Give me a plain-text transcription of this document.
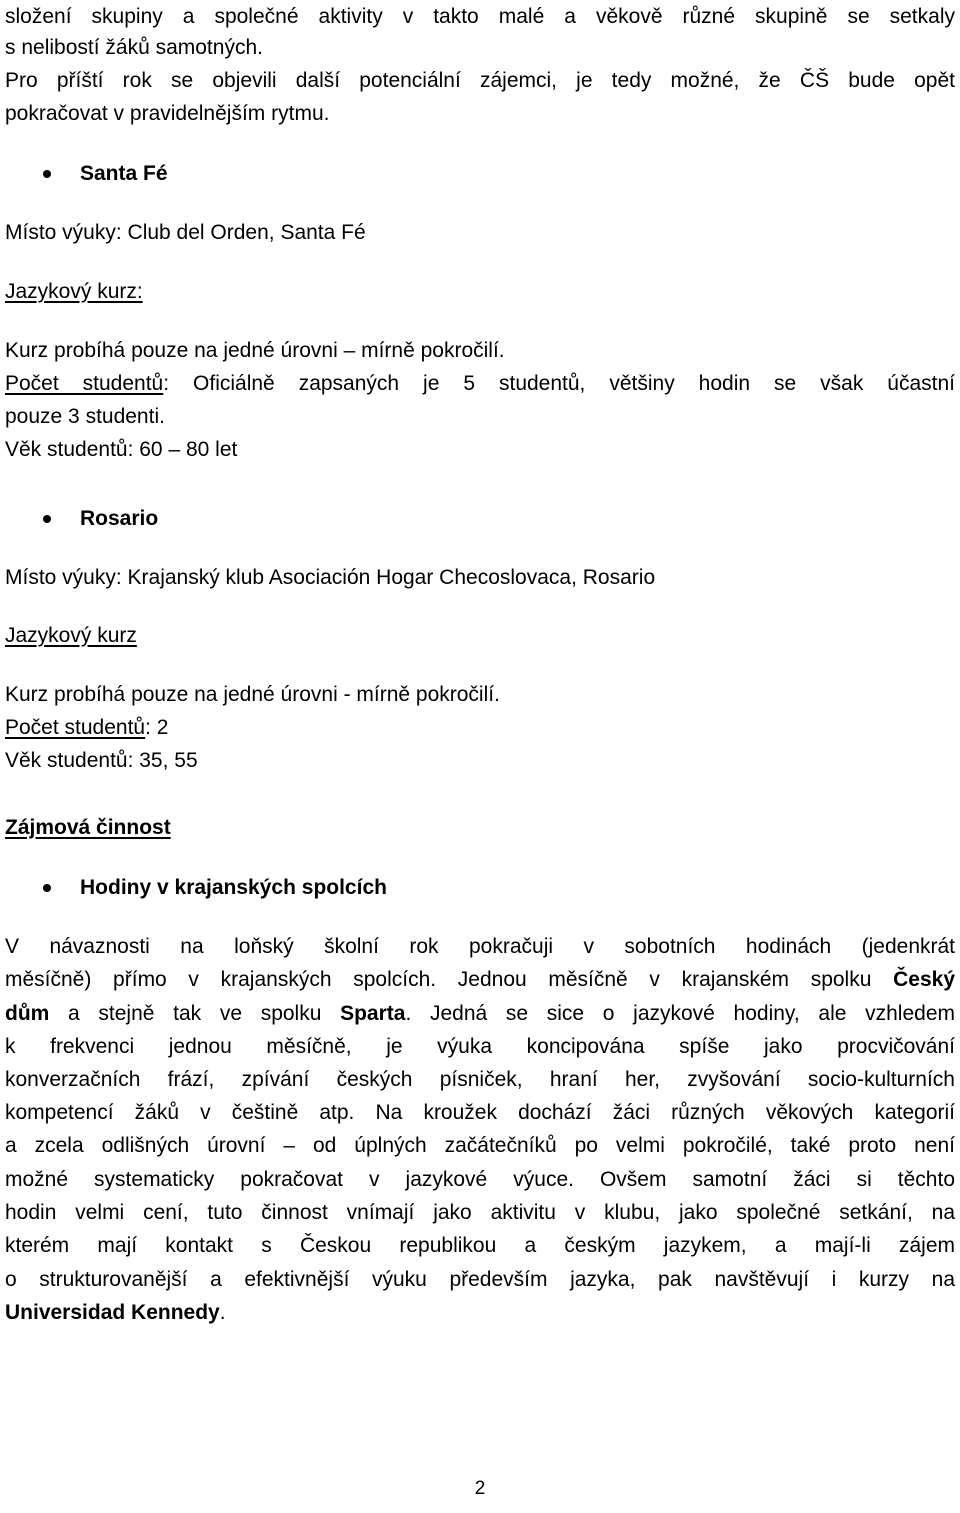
složení skupiny a společné aktivity v takto malé a věkově různé skupině se setkaly

s nelibostí žáků samotných.

Pro příští rok se objevili další potenciální zájemci, je tedy možné, že ČŠ bude opět

pokračovat v pravidelnějším rytmu.

Santa Fé

Místo výuky: Club del Orden, Santa Fé

Jazykový kurz:

Kurz probíhá pouze na jedné úrovni – mírně pokročilí.

Počet studentů: Oficiálně zapsaných je 5 studentů, většiny hodin se však účastní

pouze 3 studenti.

Věk studentů: 60 – 80 let

Rosario

Místo výuky: Krajanský klub Asociación Hogar Checoslovaca, Rosario

Jazykový kurz

Kurz probíhá pouze na jedné úrovni - mírně pokročilí.

Počet studentů: 2

Věk studentů: 35, 55

Zájmová činnost

Hodiny v krajanských spolcích

V návaznosti na loňský školní rok pokračuji v sobotních hodinách (jedenkrát

měsíčně) přímo v krajanských spolcích. Jednou měsíčně v krajanském spolku Český

dům a stejně tak ve spolku Sparta. Jedná se sice o jazykové hodiny, ale vzhledem

k frekvenci jednou měsíčně, je výuka koncipována spíše jako procvičování

konverzačních frází, zpívání českých písniček, hraní her, zvyšování socio-kulturních

kompetencí žáků v češtině atp. Na kroužek dochází žáci různých věkových kategorií

a zcela odlišných úrovní – od úplných začátečníků po velmi pokročilé, také proto není

možné systematicky pokračovat v jazykové výuce. Ovšem samotní žáci si těchto

hodin velmi cení, tuto činnost vnímají jako aktivitu v klubu, jako společné setkání, na

kterém mají kontakt s Českou republikou a českým jazykem, a mají-li zájem

o strukturovanější a efektivnější výuku především jazyka, pak navštěvují i kurzy na

Universidad Kennedy.

2
